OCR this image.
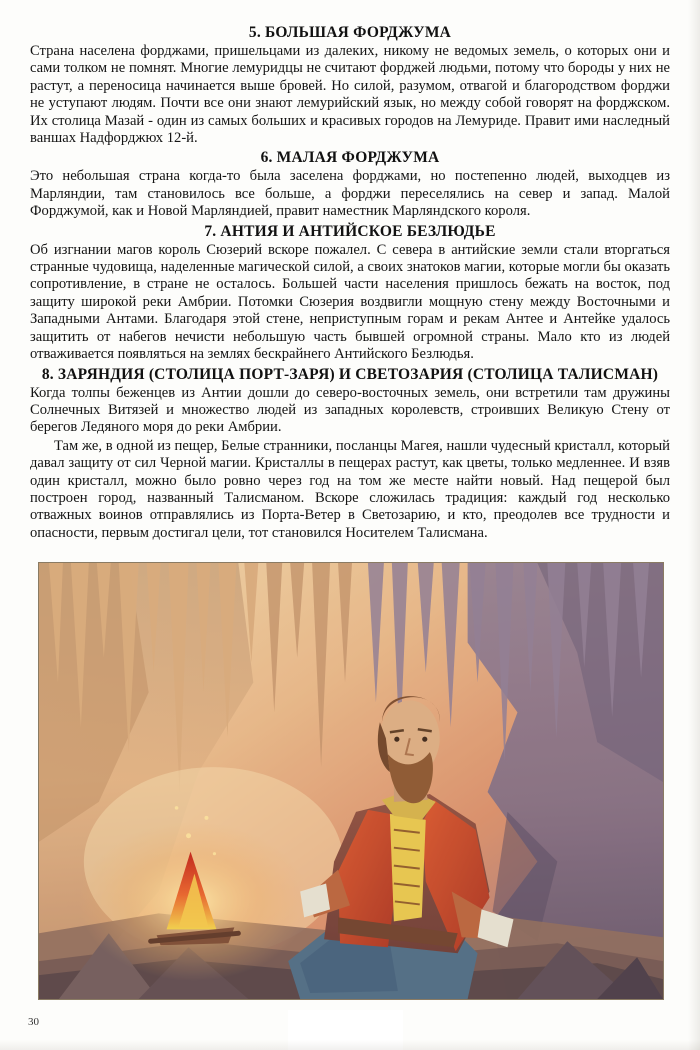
5. БОЛЬШАЯ ФОРДЖУМА

Страна населена форджами, пришельцами из далеких, никому не ведомых земель, о которых они и сами толком не помнят. Многие лемуридцы не считают форджей людьми, потому что бороды у них не растут, а переносица начинается выше бровей. Но силой, разумом, отвагой и благородством форджи не уступают людям. Почти все они знают лемурийский язык, но между собой говорят на форджском. Их столица Мазай - один из самых больших и красивых городов на Лемуриде. Правит ими наследный ваншах Надфорджюх 12-й.

6. МАЛАЯ ФОРДЖУМА

Это небольшая страна когда-то была заселена форджами, но постепенно людей, выходцев из Марляндии, там становилось все больше, а форджи переселялись на север и запад. Малой Форджумой, как и Новой Марляндией, правит наместник Марляндского короля.

7. АНТИЯ И АНТИЙСКОЕ БЕЗЛЮДЬЕ

Об изгнании магов король Сюзерий вскоре пожалел. С севера в антийские земли стали вторгаться странные чудовища, наделенные магической силой, а своих знатоков магии, которые могли бы оказать сопротивление, в стране не осталось. Большей части населения пришлось бежать на восток, под защиту широкой реки Амбрии. Потомки Сюзерия воздвигли мощную стену между Восточными и Западными Антами. Благодаря этой стене, неприступным горам и рекам Антее и Антейке удалось защитить от набегов нечисти небольшую часть бывшей огромной страны. Мало кто из людей отваживается появляться на землях бескрайнего Антийского Безлюдья.

8. ЗАРЯНДИЯ (СТОЛИЦА ПОРТ-ЗАРЯ) И СВЕТОЗАРИЯ (СТОЛИЦА ТАЛИСМАН)

Когда толпы беженцев из Антии дошли до северо-восточных земель, они встретили там дружины Солнечных Витязей и множество людей из западных королевств, строивших Великую Стену от берегов Ледяного моря до реки Амбрии.

Там же, в одной из пещер, Белые странники, посланцы Магея, нашли чудесный кристалл, который давал защиту от сил Черной магии. Кристаллы в пещерах растут, как цветы, только медленнее. И взяв один кристалл, можно было ровно через год на том же месте найти новый. Над пещерой был построен город, названный Талисманом. Вскоре сложилась традиция: каждый год несколько отважных воинов отправлялись из Порта-Ветер в Светозарию, и кто, преодолев все трудности и опасности, первым достигал цели, тот становился Носителем Талисмана.

30
